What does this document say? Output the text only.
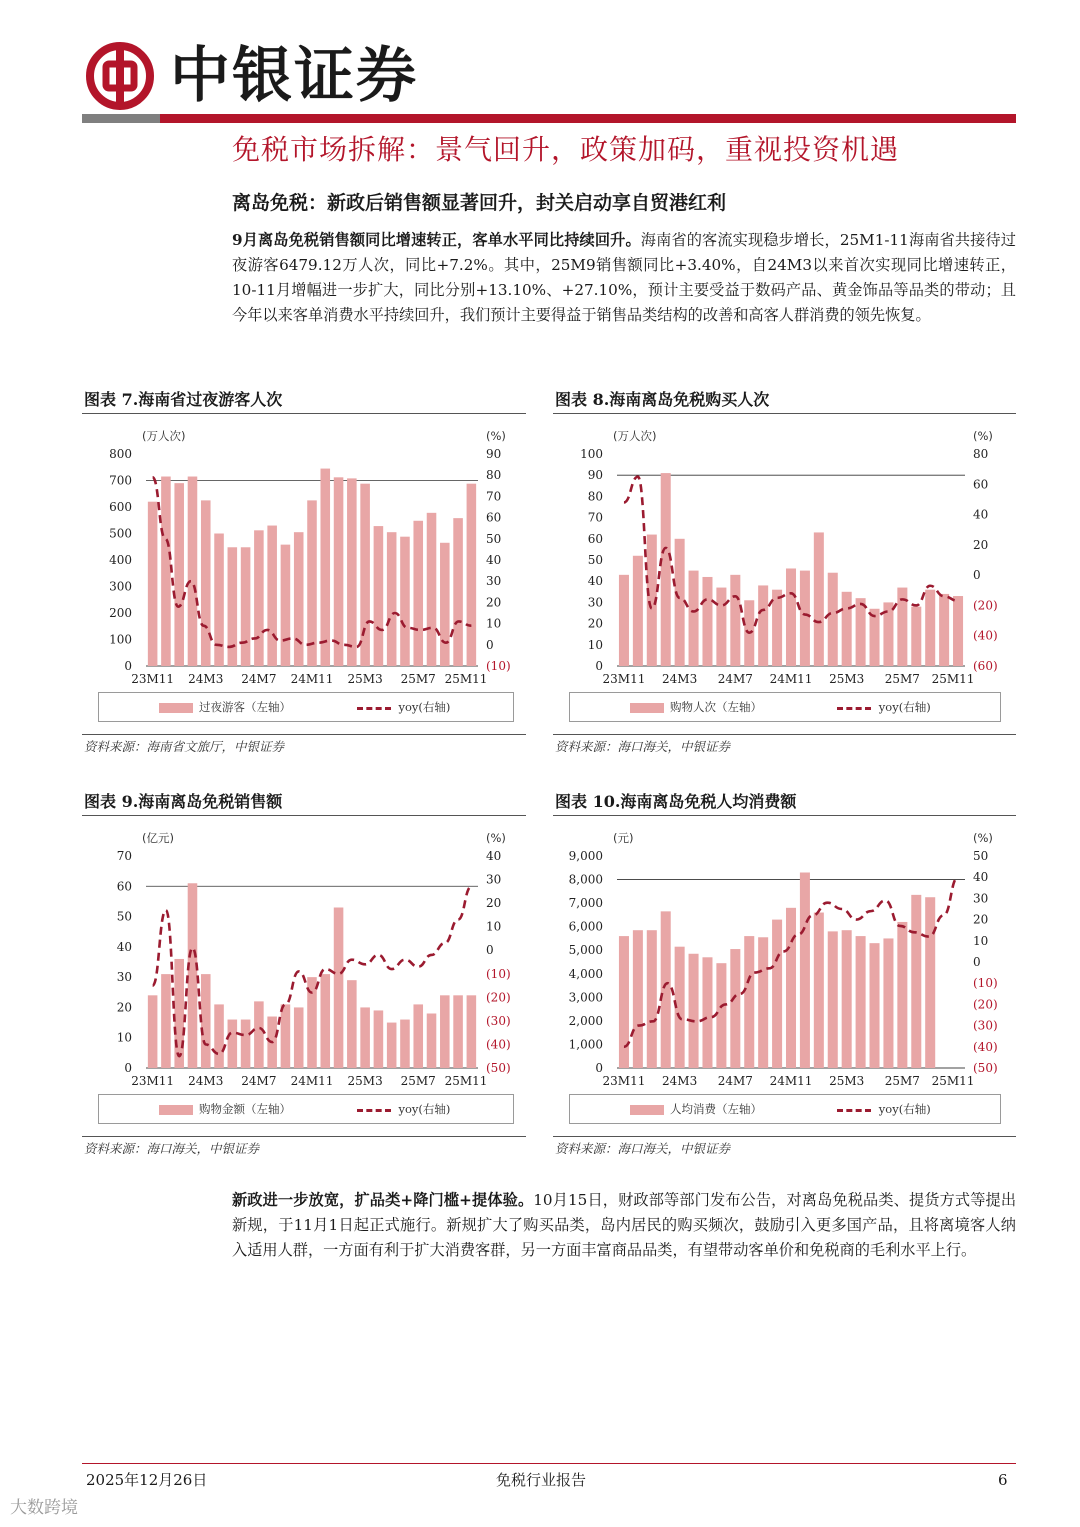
中银证券
免税市场拆解：景气回升，政策加码，重视投资机遇
离岛免税：新政后销售额显著回升，封关启动享自贸港红利
9月离岛免税销售额同比增速转正，客单水平同比持续回升。海南省的客流实现稳步增长，25M1-11海南省共接待过夜游客6479.12万人次，同比+7.2%。其中，25M9销售额同比+3.40%，自24M3以来首次实现同比增速转正，10-11月增幅进一步扩大，同比分别+13.10%、+27.10%，预计主要受益于数码产品、黄金饰品等品类的带动；且今年以来客单消费水平持续回升，我们预计主要得益于销售品类结构的改善和高客人群消费的领先恢复。
图表 7.海南省过夜游客人次
(万人次)	(%)
800
700
600
500
400
300
200
100
0
90
80
70
60
50
40
30
20
10
0
(10)
23M11 24M3 24M7 24M11 25M3 25M7 25M11
过夜游客（左轴）	yoy(右轴)
资料来源：海南省文旅厅，中银证券
图表 8.海南离岛免税购买人次
(万人次)	(%)
100
90
80
70
60
50
40
30
20
10
0
80
60
40
20
0
(20)
(40)
(60)
23M11 24M3 24M7 24M11 25M3 25M7 25M11
购物人次（左轴）	yoy(右轴)
资料来源：海口海关，中银证券
图表 9.海南离岛免税销售额
(亿元)	(%)
70
60
50
40
30
20
10
0
40
30
20
10
0
(10)
(20)
(30)
(40)
(50)
23M11 24M3 24M7 24M11 25M3 25M7 25M11
购物金额（左轴）	yoy(右轴)
资料来源：海口海关，中银证券
图表 10.海南离岛免税人均消费额
(元)	(%)
9,000
8,000
7,000
6,000
5,000
4,000
3,000
2,000
1,000
0
50
40
30
20
10
0
(10)
(20)
(30)
(40)
(50)
23M11 24M3 24M7 24M11 25M3 25M7 25M11
人均消费（左轴）	yoy(右轴)
资料来源：海口海关，中银证券
新政进一步放宽，扩品类+降门槛+提体验。10月15日，财政部等部门发布公告，对离岛免税品类、提货方式等提出新规，于11月1日起正式施行。新规扩大了购买品类，岛内居民的购买频次，鼓励引入更多国产品，且将离境客人纳入适用人群，一方面有利于扩大消费客群，另一方面丰富商品品类，有望带动客单价和免税商的毛利水平上行。
2025年12月26日	免税行业报告	6
大数跨境
